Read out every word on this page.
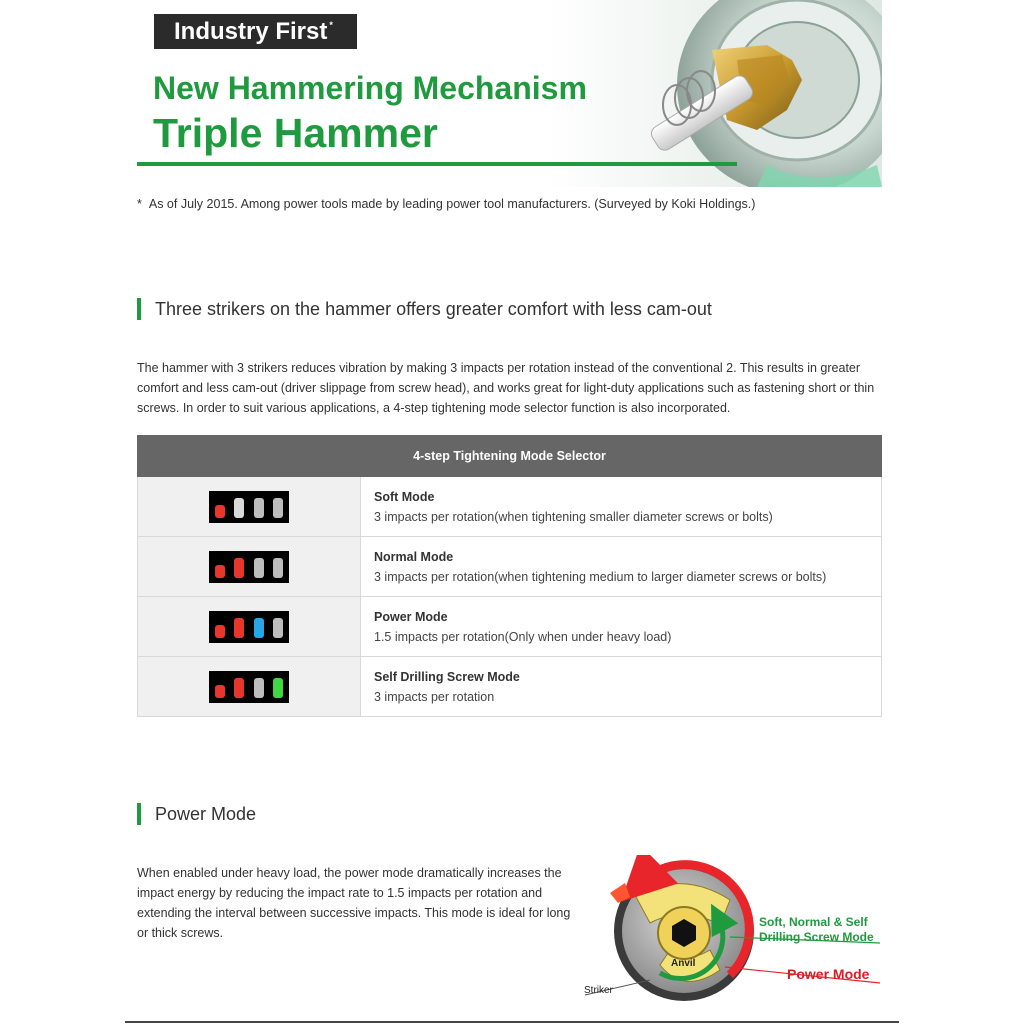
Industry First *
New Hammering Mechanism
Triple Hammer
* As of July 2015. Among power tools made by leading power tool manufacturers. (Surveyed by Koki Holdings.)
Three strikers on the hammer offers greater comfort with less cam-out
The hammer with 3 strikers reduces vibration by making 3 impacts per rotation instead of the conventional 2. This results in greater comfort and less cam-out (driver slippage from screw head), and works great for light-duty applications such as fastening short or thin screws. In order to suit various applications, a 4-step tightening mode selector function is also incorporated.
4-step Tightening Mode Selector	

	Soft Mode
3 impacts per rotation(when tightening smaller diameter screws or bolts)

	Normal Mode
3 impacts per rotation(when tightening medium to larger diameter screws or bolts)

	Power Mode
1.5 impacts per rotation(Only when under heavy load)

	Self Drilling Screw Mode
3 impacts per rotation
Power Mode
When enabled under heavy load, the power mode dramatically increases the impact energy by reducing the impact rate to 1.5 impacts per rotation and extending the interval between successive impacts. This mode is ideal for long or thick screws.
Soft, Normal & Self
Drilling Screw Mode
Power Mode
Anvil
Striker
